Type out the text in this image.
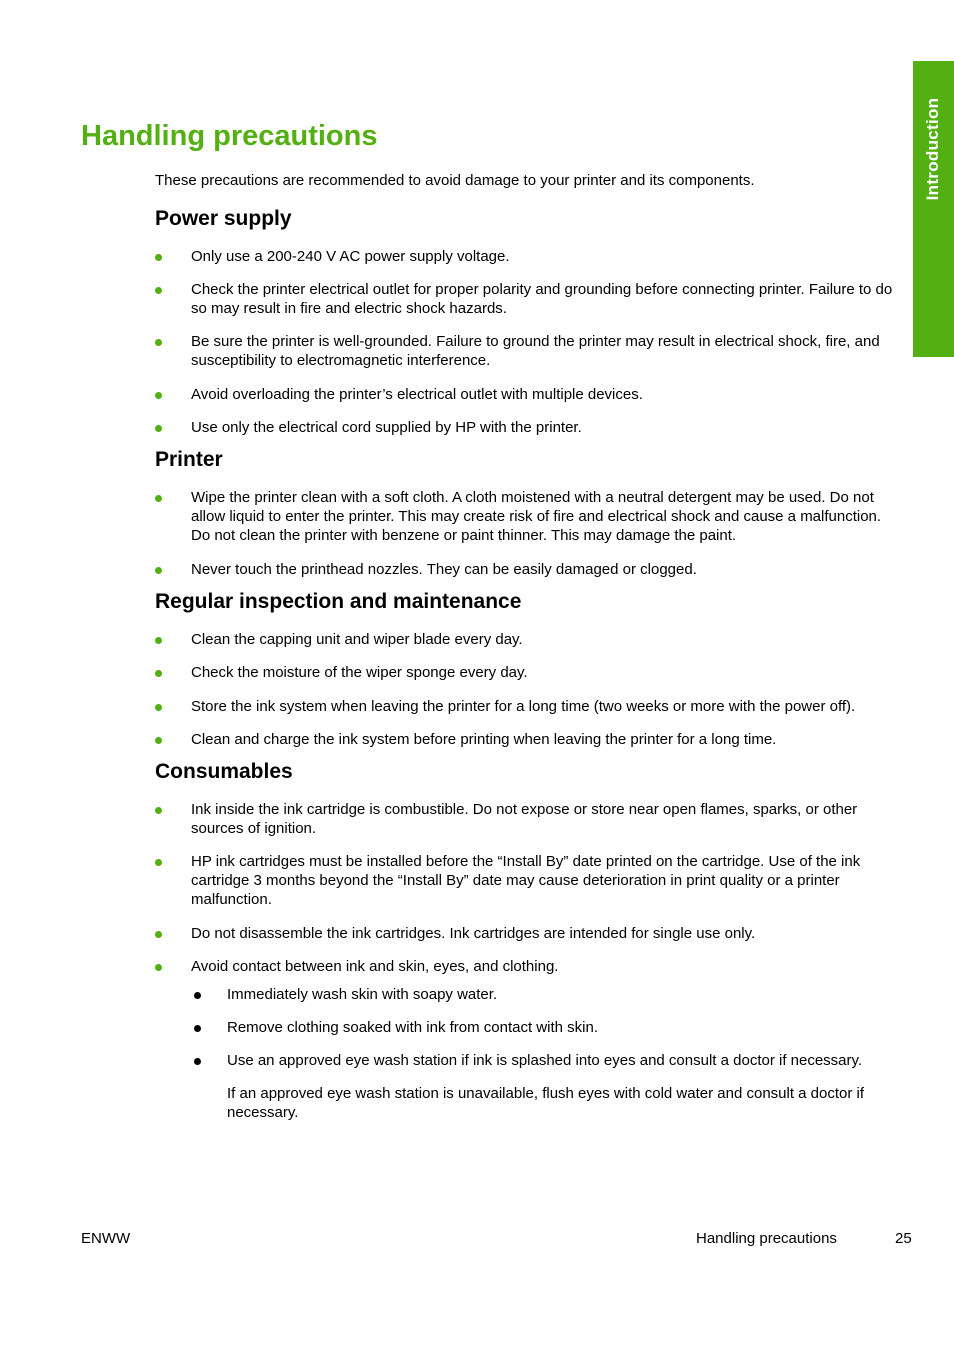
Introduction
Handling precautions

These precautions are recommended to avoid damage to your printer and its components.

Power supply
Only use a 200-240 V AC power supply voltage.
Check the printer electrical outlet for proper polarity and grounding before connecting printer. Failure to do so may result in fire and electric shock hazards.
Be sure the printer is well-grounded. Failure to ground the printer may result in electrical shock, fire, and susceptibility to electromagnetic interference.
Avoid overloading the printer’s electrical outlet with multiple devices.
Use only the electrical cord supplied by HP with the printer.
Printer
Wipe the printer clean with a soft cloth. A cloth moistened with a neutral detergent may be used. Do not allow liquid to enter the printer. This may create risk of fire and electrical shock and cause a malfunction. Do not clean the printer with benzene or paint thinner. This may damage the paint.
Never touch the printhead nozzles. They can be easily damaged or clogged.
Regular inspection and maintenance
Clean the capping unit and wiper blade every day.
Check the moisture of the wiper sponge every day.
Store the ink system when leaving the printer for a long time (two weeks or more with the power off).
Clean and charge the ink system before printing when leaving the printer for a long time.
Consumables
Ink inside the ink cartridge is combustible. Do not expose or store near open flames, sparks, or other sources of ignition.
HP ink cartridges must be installed before the “Install By” date printed on the cartridge. Use of the ink cartridge 3 months beyond the “Install By” date may cause deterioration in print quality or a printer malfunction.
Do not disassemble the ink cartridges. Ink cartridges are intended for single use only.
Avoid contact between ink and skin, eyes, and clothing.
Immediately wash skin with soapy water.
Remove clothing soaked with ink from contact with skin.
Use an approved eye wash station if ink is splashed into eyes and consult a doctor if necessary.

If an approved eye wash station is unavailable, flush eyes with cold water and consult a doctor if necessary.

ENWW	Handling precautions	25
